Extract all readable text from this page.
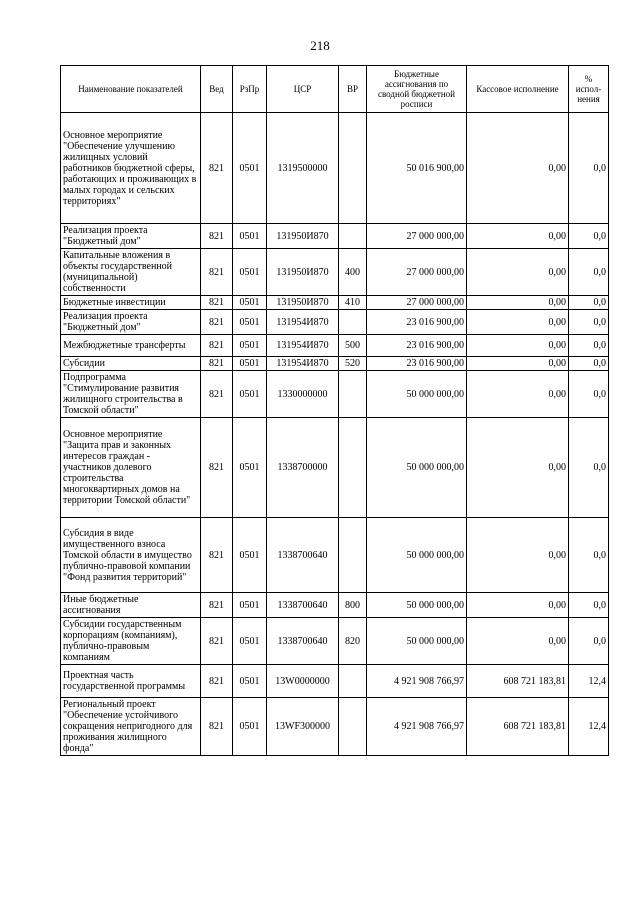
218
Наименование показателей	Вед	РзПр	ЦСР	ВР	Бюджетные ассигнования по сводной бюджетной росписи	Кассовое исполнение	% испол- нения
Основное мероприятие "Обеспечение улучшению жилищных условий работников бюджетной сферы, работающих и проживающих в малых городах и сельских территориях"	821	0501	1319500000		50 016 900,00	0,00	0,0
Реализация проекта "Бюджетный дом"	821	0501	131950И870		27 000 000,00	0,00	0,0
Капитальные вложения в объекты государственной (муниципальной) собственности	821	0501	131950И870	400	27 000 000,00	0,00	0,0
Бюджетные инвестиции	821	0501	131950И870	410	27 000 000,00	0,00	0,0
Реализация проекта "Бюджетный дом"	821	0501	131954И870		23 016 900,00	0,00	0,0
Межбюджетные трансферты	821	0501	131954И870	500	23 016 900,00	0,00	0,0
Субсидии	821	0501	131954И870	520	23 016 900,00	0,00	0,0
Подпрограмма "Стимулирование развития жилищного строительства в Томской области"	821	0501	1330000000		50 000 000,00	0,00	0,0
Основное мероприятие "Защита прав и законных интересов граждан - участников долевого строительства многоквартирных домов на территории Томской области"	821	0501	1338700000		50 000 000,00	0,00	0,0
Субсидия в виде имущественного взноса Томской области в имущество публично-правовой компании "Фонд развития территорий"	821	0501	1338700640		50 000 000,00	0,00	0,0
Иные бюджетные ассигнования	821	0501	1338700640	800	50 000 000,00	0,00	0,0
Субсидии государственным корпорациям (компаниям), публично-правовым компаниям	821	0501	1338700640	820	50 000 000,00	0,00	0,0
Проектная часть государственной программы	821	0501	13W0000000		4 921 908 766,97	608 721 183,81	12,4
Региональный проект "Обеспечение устойчивого сокращения непригодного для проживания жилищного фонда"	821	0501	13WF300000		4 921 908 766,97	608 721 183,81	12,4
